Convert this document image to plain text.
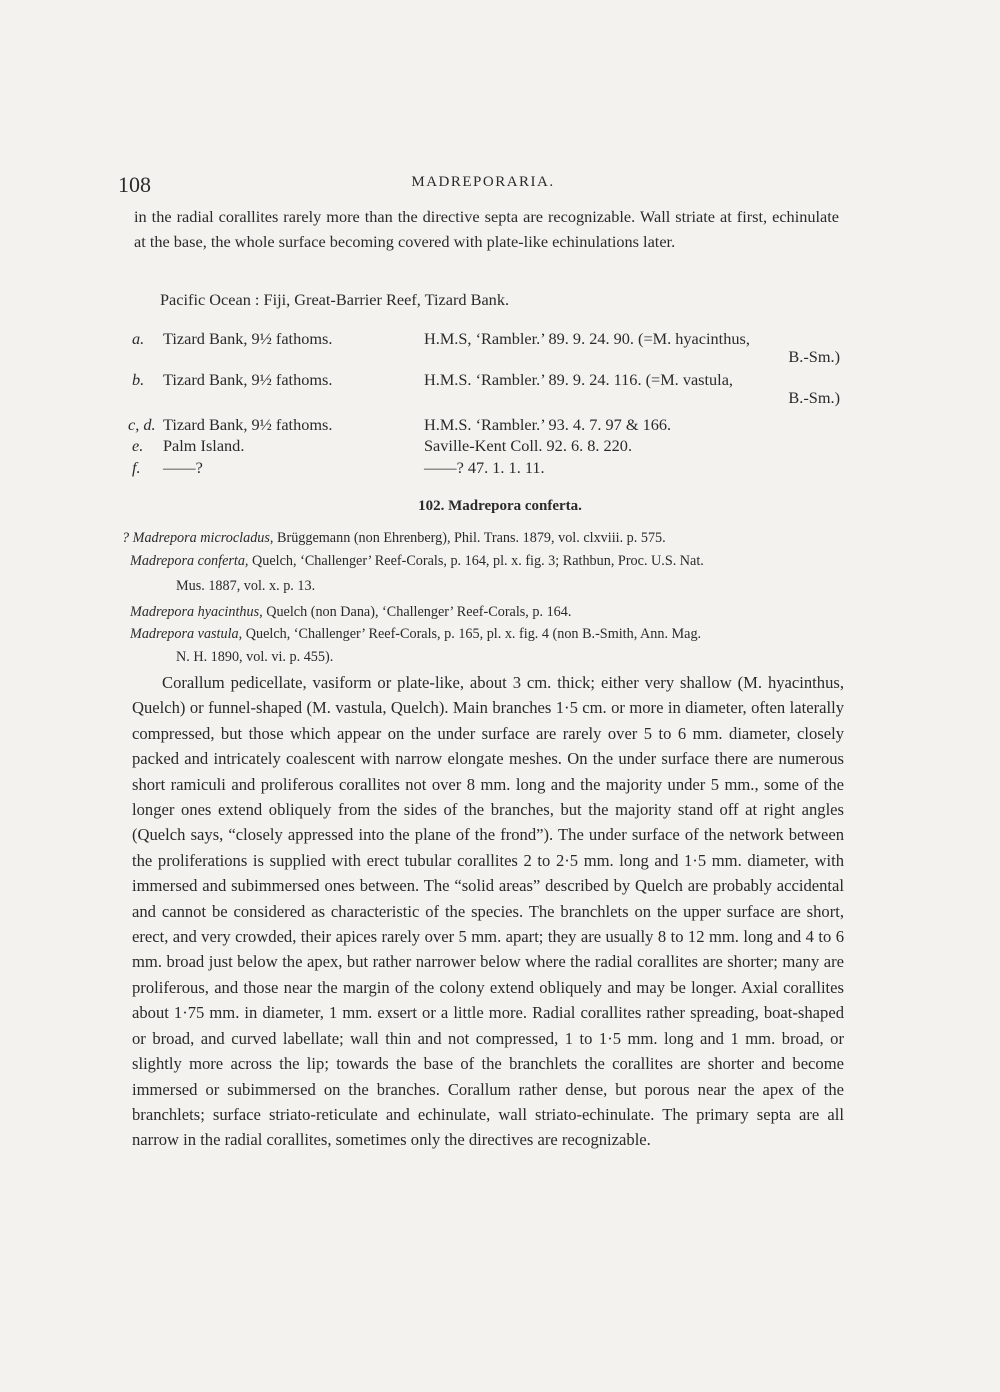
108	MADREPORARIA.

in the radial corallites rarely more than the directive septa are recognizable. Wall striate at first, echinulate at the base, the whole surface becoming covered with plate-like echinulations later.

Pacific Ocean : Fiji, Great-Barrier Reef, Tizard Bank.
a.	Tizard Bank, 9½ fathoms.	H.M.S, ‘Rambler.’ 89. 9. 24. 90. (=M. hyacinthus,
B.-Sm.)
b.	Tizard Bank, 9½ fathoms.	H.M.S. ‘Rambler.’ 89. 9. 24. 116. (=M. vastula,
B.-Sm.)
c, d. Tizard Bank, 9½ fathoms.	H.M.S. ‘Rambler.’ 93. 4. 7. 97 & 166.
e.	Palm Island.	Saville-Kent Coll. 92. 6. 8. 220.
f.	——?	——? 47. 1. 1. 11.
102. Madrepora conferta.
? Madrepora microcladus, Brüggemann (non Ehrenberg), Phil. Trans. 1879, vol. clxviii. p. 575.
Madrepora conferta, Quelch, ‘Challenger’ Reef-Corals, p. 164, pl. x. fig. 3; Rathbun, Proc. U.S. Nat.
Mus. 1887, vol. x. p. 13.
Madrepora hyacinthus, Quelch (non Dana), ‘Challenger’ Reef-Corals, p. 164.
Madrepora vastula, Quelch, ‘Challenger’ Reef-Corals, p. 165, pl. x. fig. 4 (non B.-Smith, Ann. Mag.
N. H. 1890, vol. vi. p. 455).

Corallum pedicellate, vasiform or plate-like, about 3 cm. thick; either very shallow (M. hyacinthus, Quelch) or funnel-shaped (M. vastula, Quelch). Main branches 1·5 cm. or more in diameter, often laterally compressed, but those which appear on the under surface are rarely over 5 to 6 mm. diameter, closely packed and intricately coalescent with narrow elongate meshes. On the under surface there are numerous short ramiculi and proliferous corallites not over 8 mm. long and the majority under 5 mm., some of the longer ones extend obliquely from the sides of the branches, but the majority stand off at right angles (Quelch says, “closely appressed into the plane of the frond”). The under surface of the network between the proliferations is supplied with erect tubular corallites 2 to 2·5 mm. long and 1·5 mm. diameter, with immersed and subimmersed ones between. The “solid areas” described by Quelch are probably accidental and cannot be considered as characteristic of the species. The branchlets on the upper surface are short, erect, and very crowded, their apices rarely over 5 mm. apart; they are usually 8 to 12 mm. long and 4 to 6 mm. broad just below the apex, but rather narrower below where the radial corallites are shorter; many are proliferous, and those near the margin of the colony extend obliquely and may be longer. Axial corallites about 1·75 mm. in diameter, 1 mm. exsert or a little more. Radial corallites rather spreading, boat-shaped or broad, and curved labellate; wall thin and not compressed, 1 to 1·5 mm. long and 1 mm. broad, or slightly more across the lip; towards the base of the branchlets the corallites are shorter and become immersed or subimmersed on the branches. Corallum rather dense, but porous near the apex of the branchlets; surface striato-reticulate and echinulate, wall striato-echinulate. The primary septa are all narrow in the radial corallites, sometimes only the directives are recognizable.
